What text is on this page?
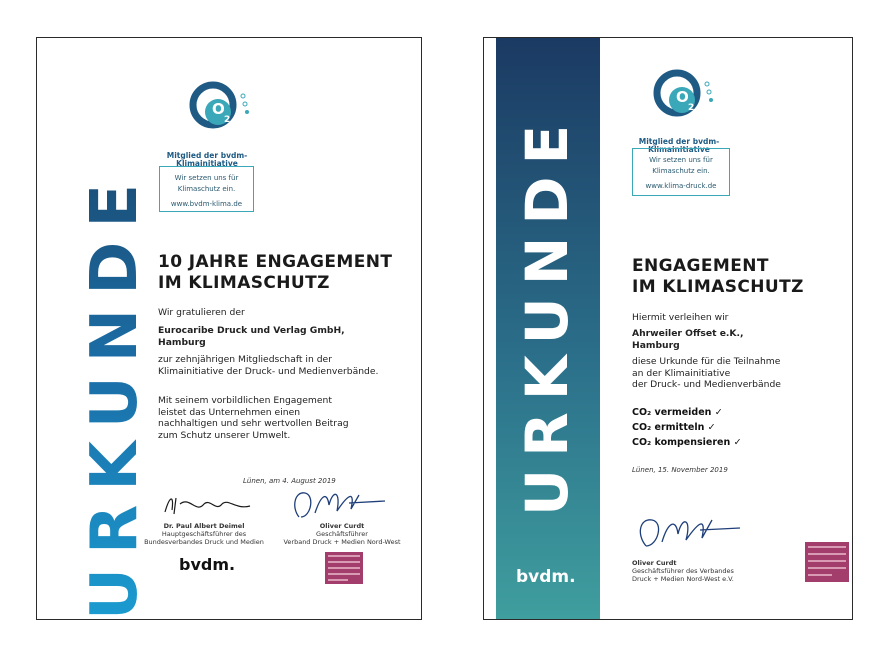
URKUNDE
O
2
Mitglied der bvdm-Klimainitiative
Wir setzen uns für
Klimaschutz ein.
www.bvdm-klima.de
10 JAHRE ENGAGEMENT
IM KLIMASCHUTZ
Wir gratulieren der
Eurocaribe Druck und Verlag GmbH,
Hamburg
zur zehnjährigen Mitgliedschaft in der
Klimainitiative der Druck- und Medienverbände.
Mit seinem vorbildlichen Engagement
leistet das Unternehmen einen
nachhaltigen und sehr wertvollen Beitrag
zum Schutz unserer Umwelt.
Lünen, am 4. August 2019
Dr. Paul Albert Deimel
Hauptgeschäftsführer des
Bundesverbandes Druck und Medien
Oliver Curdt
Geschäftsführer
Verband Druck + Medien Nord-West
bvdm.
URKUNDE
bvdm.
O
2
Mitglied der bvdm-Klimainitiative
Wir setzen uns für
Klimaschutz ein.
www.klima-druck.de
ENGAGEMENT
IM KLIMASCHUTZ
Hiermit verleihen wir
Ahrweiler Offset e.K.,
Hamburg
diese Urkunde für die Teilnahme
an der Klimainitiative
der Druck- und Medienverbände
CO₂ vermeiden ✓
CO₂ ermitteln ✓
CO₂ kompensieren ✓
Lünen, 15. November 2019
Oliver Curdt
Geschäftsführer des Verbandes
Druck + Medien Nord-West e.V.
